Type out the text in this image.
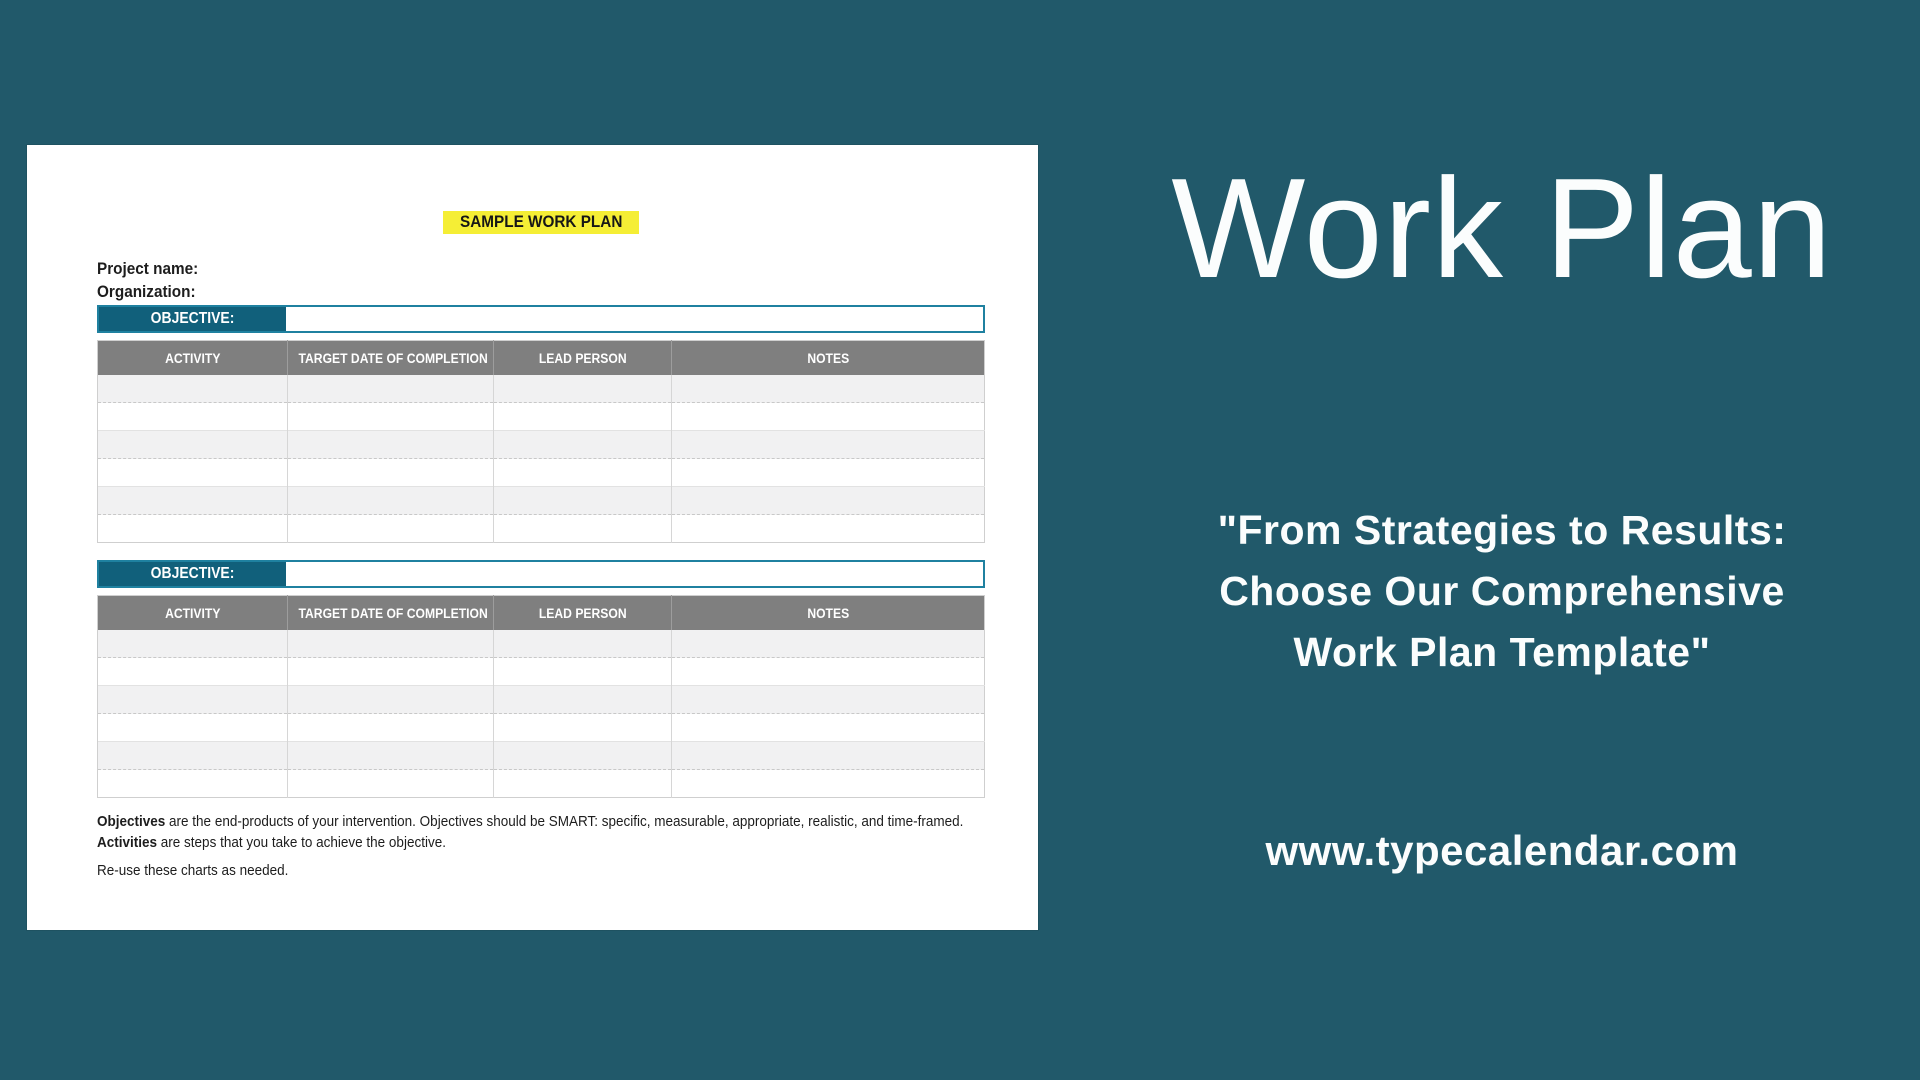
SAMPLE WORK PLAN
Project name:
Organization:
OBJECTIVE:
ACTIVITY	TARGET DATE OF COMPLETION	LEAD PERSON	NOTES

OBJECTIVE:
ACTIVITY	TARGET DATE OF COMPLETION	LEAD PERSON	NOTES

Objectives are the end-products of your intervention. Objectives should be SMART: specific, measurable, appropriate, realistic, and time-framed. Activities are steps that you take to achieve the objective.
Re-use these charts as needed.
Work Plan
"From Strategies to Results:
Choose Our Comprehensive
Work Plan Template"
www.typecalendar.com
